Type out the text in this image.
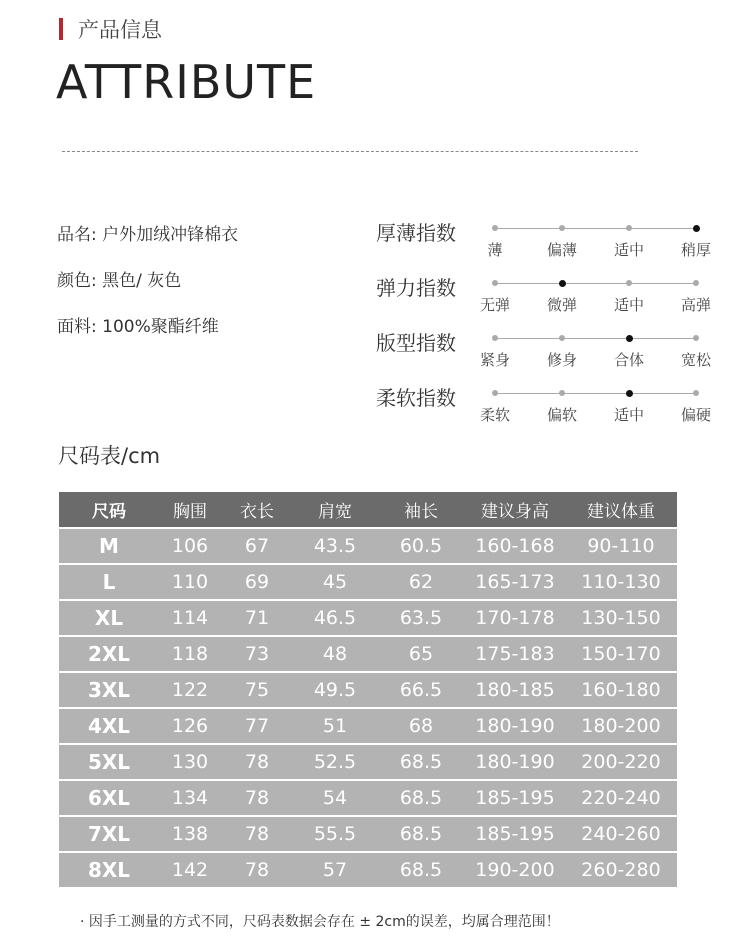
产品信息
ATTRIBUTE
品名: 户外加绒冲锋棉衣
颜色: 黑色/ 灰色
面料: 100%聚酯纤维
厚薄指数
薄	偏薄	适中	稍厚
弹力指数
无弹	微弹	适中	高弹
版型指数
紧身	修身	合体	宽松
柔软指数
柔软	偏软	适中	偏硬
尺码表/cm
尺码	胸围	衣长	肩宽	袖长	建议身高	建议体重
M	106	67	43.5	60.5	160-168	90-110
L	110	69	45	62	165-173	110-130
XL	114	71	46.5	63.5	170-178	130-150
2XL	118	73	48	65	175-183	150-170
3XL	122	75	49.5	66.5	180-185	160-180
4XL	126	77	51	68	180-190	180-200
5XL	130	78	52.5	68.5	180-190	200-220
6XL	134	78	54	68.5	185-195	220-240
7XL	138	78	55.5	68.5	185-195	240-260
8XL	142	78	57	68.5	190-200	260-280
· 因手工测量的方式不同，尺码表数据会存在 ± 2cm的误差，均属合理范围！
